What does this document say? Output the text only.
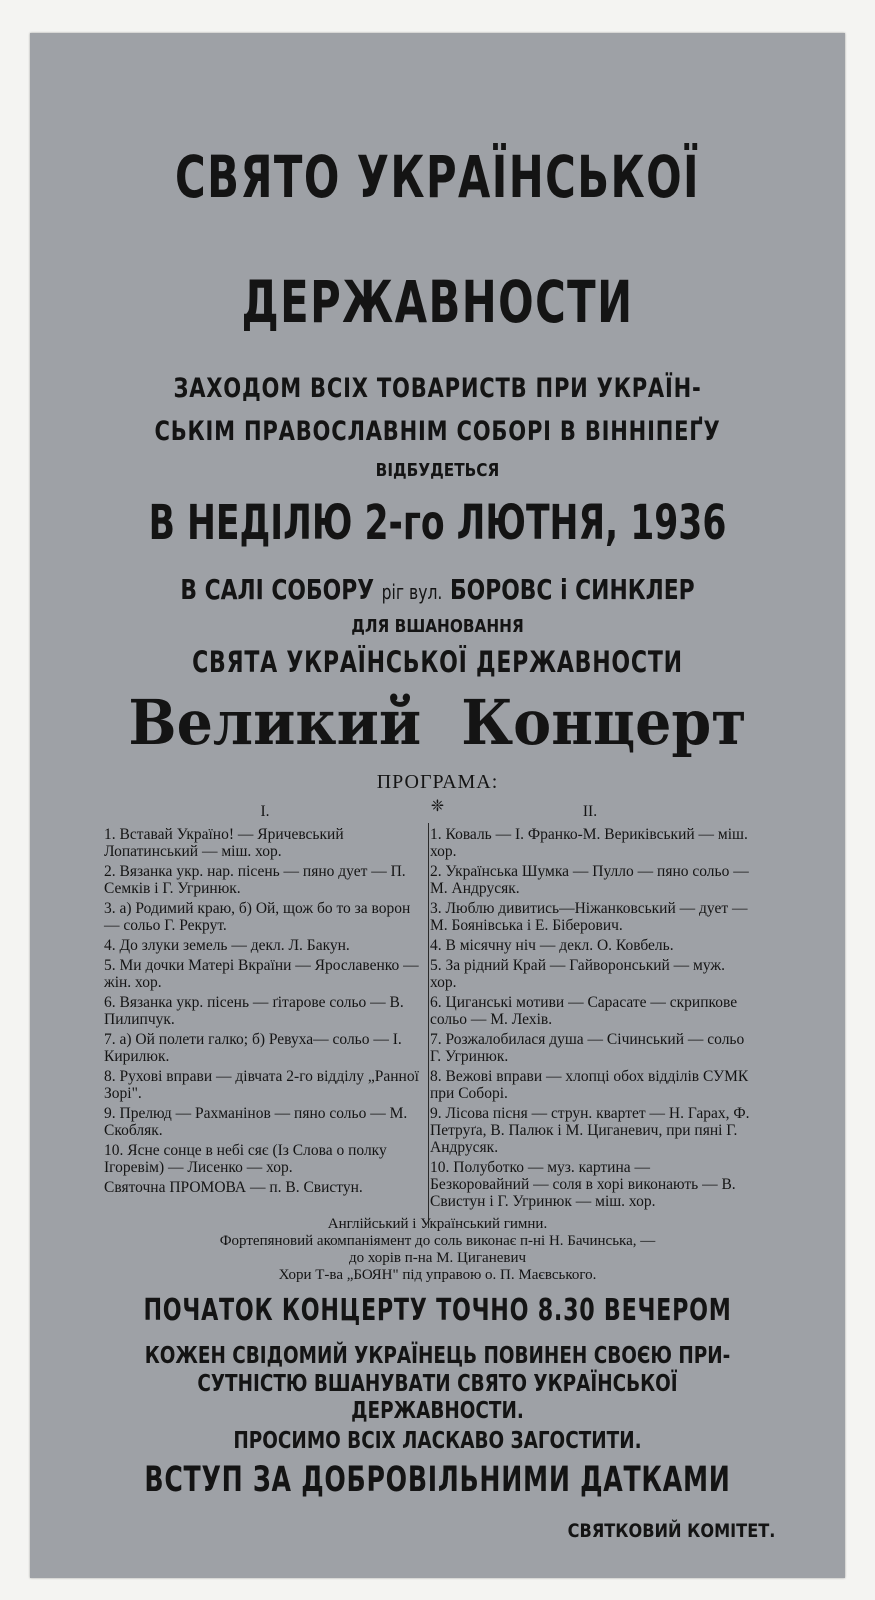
СВЯТО УКРАЇНСЬКОЇ
ДЕРЖАВНОСТИ
ЗАХОДОМ ВСІХ ТОВАРИСТВ ПРИ УКРАЇН-
СЬКІМ ПРАВОСЛАВНІМ СОБОРІ В ВІННІПЕҐУ
ВІДБУДЕТЬСЯ
В НЕДІЛЮ 2-го ЛЮТНЯ, 1936
В САЛІ СОБОРУ ріг вул. БОРОВС і СИНКЛЕР
ДЛЯ ВШАНОВАННЯ
СВЯТА УКРАЇНСЬКОЇ ДЕРЖАВНОСТИ
Великий Концерт
ПРОГРАМА:
❈
I.
1. Вставай Україно! — Яричевський Лопатинський — міш. хор.
2. Вязанка укр. нар. пісень — пяно дует — П. Семків і Г. Угринюк.
3. а) Родимий краю, б) Ой, щож бо то за ворон — сольо Г. Рекрут.
4. До злуки земель — декл. Л. Бакун.
5. Ми дочки Матері Вкраїни — Ярославенко — жін. хор.
6. Вязанка укр. пісень — ґітарове сольо — В. Пилипчук.
7. а) Ой полети галко; б) Ревуха— сольо — І. Кирилюк.
8. Рухові вправи — дівчата 2-го відділу „Ранної Зорі".
9. Прелюд — Рахманінов — пяно сольо — М. Скобляк.
10. Ясне сонце в небі сяє (Із Слова о полку Ігоревім) — Лисенко — хор.
Святочна ПРОМОВА — п. В. Свистун.
II.
1. Коваль — І. Франко-М. Вериківський — міш. хор.
2. Українська Шумка — Пулло — пяно сольо — М. Андрусяк.
3. Люблю дивитись—Ніжанковський — дует — М. Боянівська і Е. Біберович.
4. В місячну ніч — декл. О. Ковбель.
5. За рідний Край — Гайворонський — муж. хор.
6. Циганські мотиви — Сарасате — скрипкове сольо — М. Лехів.
7. Розжалобилася душа — Січинський — сольо Г. Угринюк.
8. Вежові вправи — хлопці обох відділів СУМК при Соборі.
9. Лісова пісня — струн. квартет — Н. Гарах, Ф. Петруґа, В. Палюк і М. Циганевич, при пяні Г. Андрусяк.
10. Полуботко — муз. картина — Безкоровайний — соля в хорі виконають — В. Свистун і Г. Угринюк — міш. хор.
Англійський і Український гимни.
Фортепяновий акомпаніямент до соль виконає п-ні Н. Бачинська, —
до хорів п-на М. Циганевич
Хори Т-ва „БОЯН" під управою о. П. Маєвського.
ПОЧАТОК КОНЦЕРТУ ТОЧНО 8.30 ВЕЧЕРОМ
КОЖЕН СВІДОМИЙ УКРАЇНЕЦЬ ПОВИНЕН СВОЄЮ ПРИ-
СУТНІСТЮ ВШАНУВАТИ СВЯТО УКРАЇНСЬКОЇ
ДЕРЖАВНОСТИ.
ПРОСИМО ВСІХ ЛАСКАВО ЗАГОСТИТИ.
ВСТУП ЗА ДОБРОВІЛЬНИМИ ДАТКАМИ
СВЯТКОВИЙ КОМІТЕТ.
